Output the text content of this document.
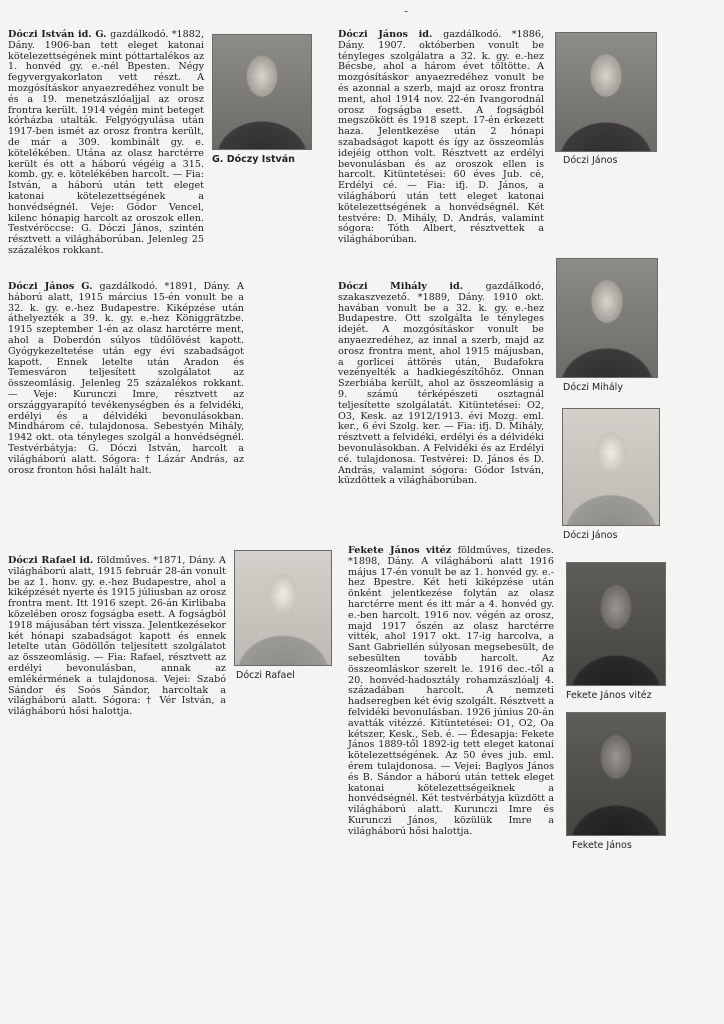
-
Dóczi István id. G. gazdálkodó. *1882, Dány. 1906-ban tett eleget katonai kötelezettségének mint póttartalékos az 1. honvéd gy. e.-nél Bpesten. Négy fegyvergyakorlaton vett részt. A mozgósításkor anyaezredéhez vonult be és a 19. menetzászlóaljjal az orosz frontra került. 1914 végén mint beteget kórházba utalták. Felgyógyulása után 1917-ben ismét az orosz frontra került, de már a 309. kombinált gy. e. kötelékében. Utána az olasz harctérre került és ott a háború végéig a 315. komb. gy. e. kötelékében harcolt. — Fia: István, a háború után tett eleget katonai kötelezettségének a honvédségnél. Veje: Gódor Vencel, kilenc hónapig harcolt az oroszok ellen. Testvéröccse: G. Dóczi János, szintén résztvett a világháborúban. Jelenleg 25 százalékos rokkant.
G. Dóczy István
Dóczi János id. gazdálkodó. *1886, Dány. 1907. októberben vonult be tényleges szolgálatra a 32. k. gy. e.-hez Bécsbe, ahol a három évet töltötte. A mozgósításkor anyaezredéhez vonult be és azonnal a szerb, majd az orosz frontra ment, ahol 1914 nov. 22-én Ivangorodnál orosz fogságba esett. A fogságból megszökött és 1918 szept. 17-én érkezett haza. Jelentkezése után 2 hónapi szabadságot kapott és így az összeomlás idejéig otthon volt. Résztvett az erdélyi bevonulásban és az oroszok ellen is harcolt. Kitüntetései: 60 éves Jub. cé, Erdélyi cé. — Fia: ifj. D. János, a világháború után tett eleget katonai kötelezettségének a honvédségnél. Két testvére: D. Mihály, D. András, valamint sógora: Tóth Albert, résztvettek a világháborúban.
Dóczi János
Dóczi János G. gazdálkodó. *1891, Dány. A háború alatt, 1915 március 15-én vonult be a 32. k. gy. e.-hez Budapestre. Kiképzése után áthelyezték a 39. k. gy. e.-hez Königgrätzbe. 1915 szeptember 1-én az olasz harctérre ment, ahol a Doberdón súlyos tüdőlövést kapott. Gyógykezeltetése után egy évi szabadságot kapott. Ennek letelte után Aradon és Temesváron teljesített szolgálatot az összeomlásig. Jelenleg 25 százalékos rokkant. — Veje: Kurunczi Imre, résztvett az országgyarapító tevékenységben és a felvidéki, erdélyi és a délvidéki bevonulásokban. Mindhárom cé. tulajdonosa. Sebestyén Mihály, 1942 okt. ota tényleges szolgál a honvédségnél. Testvérbátyja: G. Dóczi István, harcolt a világháború alatt. Sógora: † Lázár András, az orosz fronton hősi halált halt.
Dóczi Mihály id. gazdálkodó, szakaszvezető. *1889, Dány. 1910 okt. havában vonult be a 32. k. gy. e.-hez Budapestre. Ott szolgálta le tényleges idejét. A mozgósításkor vonult be anyaezredéhez, az innal a szerb, majd az orosz frontra ment, ahol 1915 májusban, a gorlicei áttörés után, Budafokra vezényelték a hadkiegészítőhöz. Onnan Szerbiába került, ahol az összeomlásig a 9. számú térképészeti osztagnál teljesítette szolgálatát. Kitüntetései: O2, O3, Kesk. az 1912/1913. évi Mozg. eml. ker., 6 évi Szolg. ker. — Fia: ifj. D. Mihály, résztvett a felvidéki, erdélyi és a délvidéki bevonulásokban. A Felvidéki és az Erdélyi cé. tulajdonosa. Testvérei: D. János és D. András, valamint sógora: Gódor István, küzdöttek a világháborúban.
Dóczi Mihály
Dóczi János
Dóczi Rafael id. földműves. *1871, Dány. A világháború alatt, 1915 február 28-án vonult be az 1. honv. gy. e.-hez Budapestre, ahol a kiképzését nyerte és 1915 júliusban az orosz frontra ment. Itt 1916 szept. 26-án Kirlibaba közelében orosz fogságba esett. A fogságból 1918 májusában tért vissza. Jelentkezésekor két hónapi szabadságot kapott és ennek letelte után Gödöllőn teljesített szolgálatot az összeomlásig. — Fia: Rafael, résztvett az erdélyi bevonulásban, annak az emlékérmének a tulajdonosa. Vejei: Szabó Sándor és Soós Sándor, harcoltak a világháború alatt. Sógora: † Vér István, a világháború hősi halottja.
Dóczi Rafael
Fekete János vitéz földműves, tizedes. *1898, Dány. A világháború alatt 1916 május 17-én vonult be az 1. honvéd gy. e.-hez Bpestre. Két heti kiképzése után önként jelentkezése folytán az olasz harctérre ment és itt már a 4. honvéd gy. e.-ben harcolt. 1916 nov. végén az orosz, majd 1917 őszén az olasz harctérre vitték, ahol 1917 okt. 17-ig harcolva, a Sant Gabriellén súlyosan megsebesült, de sebesülten tovább harcolt. Az összeomláskor szerelt le. 1916 dec.-től a 20. honvéd-hadosztály rohamzászlóalj 4. századában harcolt. A nemzeti hadseregben két évig szolgált. Résztvett a felvidéki bevonulásban. 1926 június 20-án avatták vitézzé. Kitüntetései: O1, O2, Oa kétszer, Kesk., Seb. é. — Édesapja: Fekete János 1889-től 1892-ig tett eleget katonai kötelezettségének. Az 50 éves jub. eml. érem tulajdonosa. — Vejei: Baglyos János és B. Sándor a háború után tettek eleget katonai kötelezettségeiknek a honvédségnél. Két testvérbátyja küzdött a világháború alatt. Kurunczi Imre és Kurunczi János, közülük Imre a világháború hősi halottja.
Fekete János vitéz
Fekete János
